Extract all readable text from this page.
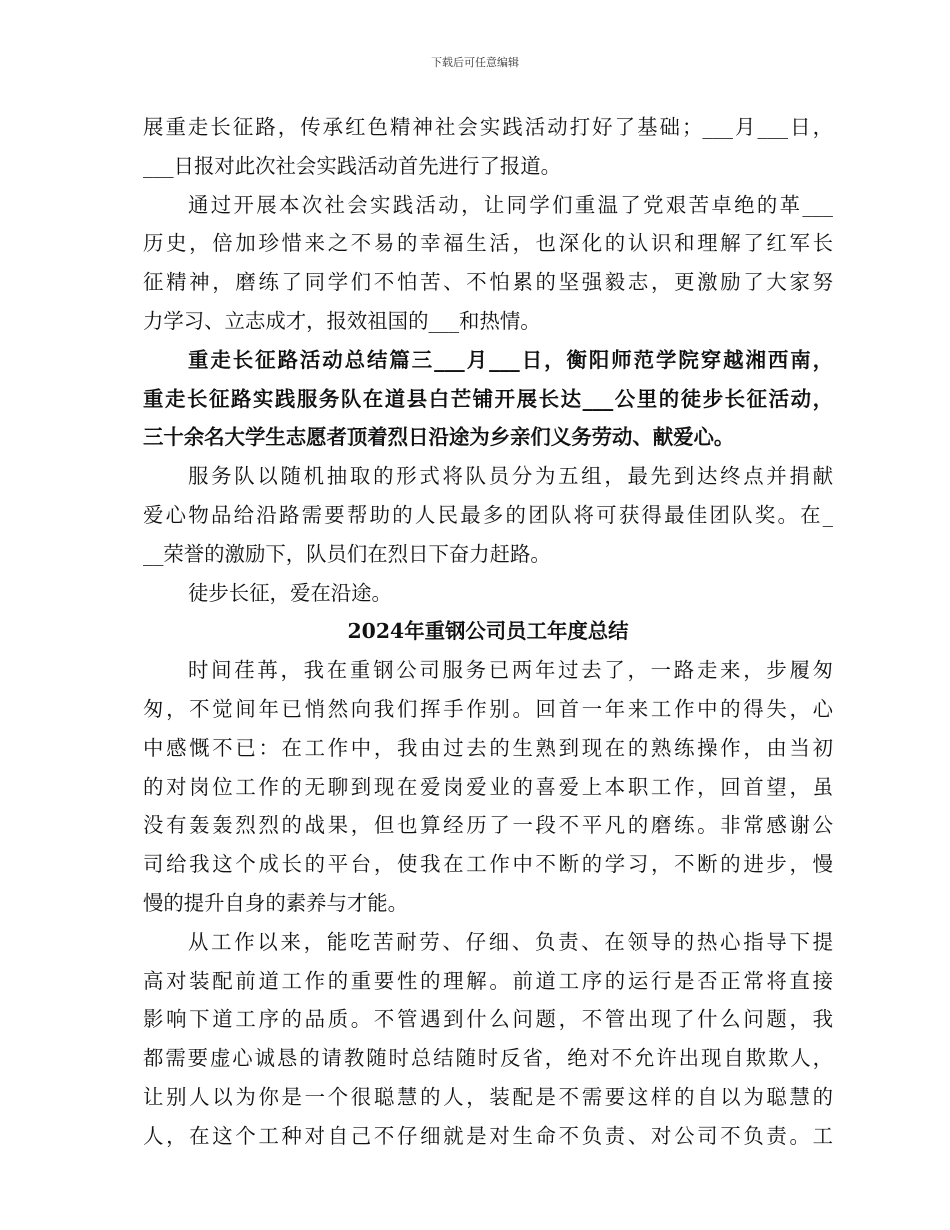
下载后可任意编辑
展重走长征路，传承红色精神社会实践活动打好了基础；___月___日，
___日报对此次社会实践活动首先进行了报道。
通过开展本次社会实践活动，让同学们重温了党艰苦卓绝的革___
历史，倍加珍惜来之不易的幸福生活，也深化的认识和理解了红军长
征精神，磨练了同学们不怕苦、不怕累的坚强毅志，更激励了大家努
力学习、立志成才，报效祖国的___和热情。
重走长征路活动总结篇三___月___日，衡阳师范学院穿越湘西南，
重走长征路实践服务队在道县白芒铺开展长达___公里的徒步长征活动，
三十余名大学生志愿者顶着烈日沿途为乡亲们义务劳动、献爱心。
服务队以随机抽取的形式将队员分为五组，最先到达终点并捐献
爱心物品给沿路需要帮助的人民最多的团队将可获得最佳团队奖。在_
__荣誉的激励下，队员们在烈日下奋力赶路。
徒步长征，爱在沿途。
2024年重钢公司员工年度总结
时间荏苒，我在重钢公司服务已两年过去了，一路走来，步履匆
匆，不觉间年已悄然向我们挥手作别。回首一年来工作中的得失，心
中感慨不已：在工作中，我由过去的生熟到现在的熟练操作，由当初
的对岗位工作的无聊到现在爱岗爱业的喜爱上本职工作，回首望，虽
没有轰轰烈烈的战果，但也算经历了一段不平凡的磨练。非常感谢公
司给我这个成长的平台，使我在工作中不断的学习，不断的进步，慢
慢的提升自身的素养与才能。
从工作以来，能吃苦耐劳、仔细、负责、在领导的热心指导下提
高对装配前道工作的重要性的理解。前道工序的运行是否正常将直接
影响下道工序的品质。不管遇到什么问题，不管出现了什么问题，我
都需要虚心诚恳的请教随时总结随时反省，绝对不允许出现自欺欺人，
让别人以为你是一个很聪慧的人，装配是不需要这样的自以为聪慧的
人，在这个工种对自己不仔细就是对生命不负责、对公司不负责。工
